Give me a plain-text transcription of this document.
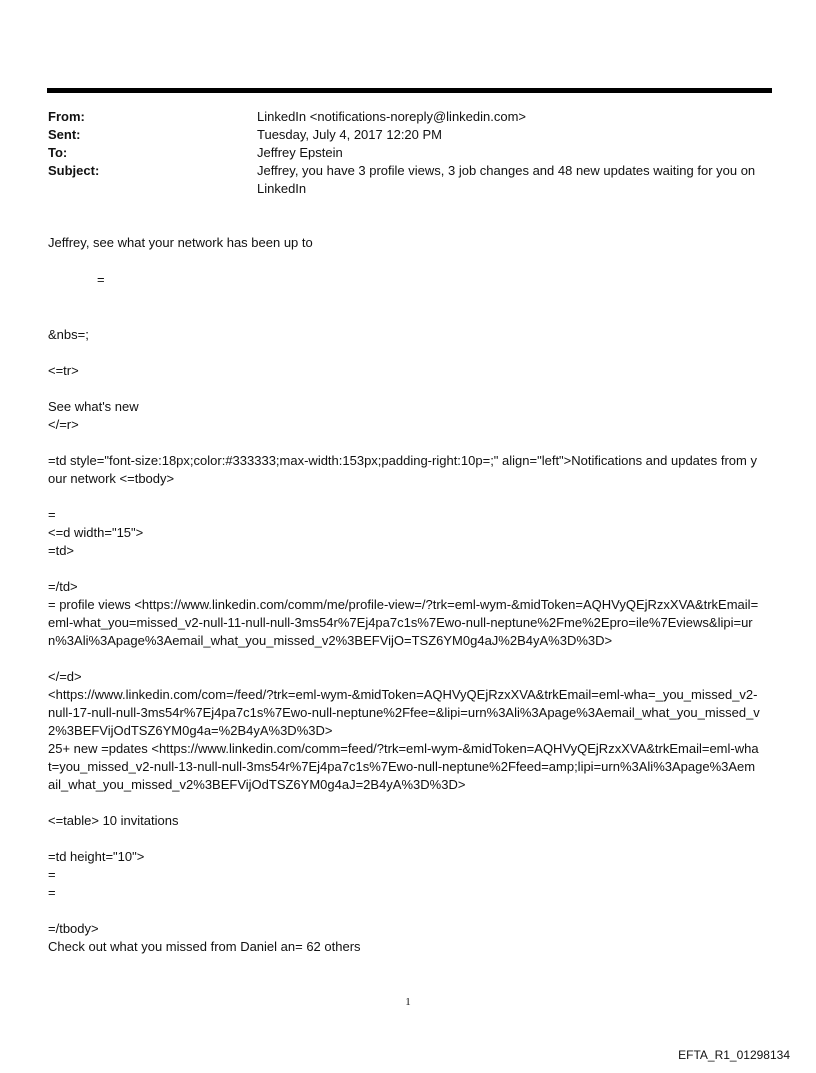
From:	LinkedIn <notifications-noreply@linkedin.com>
Sent:	Tuesday, July 4, 2017 12:20 PM
To:	Jeffrey Epstein
Subject:	Jeffrey, you have 3 profile views, 3 job changes and 48 new updates waiting for you on LinkedIn

Jeffrey, see what your network has been up to

=

&nbs=;

<=tr>

See what's new

</=r>

=td style="font-size:18px;color:#333333;max-width:153px;padding-right:10p=;" align="left">Notifications and updates from your network <=tbody>

=

<=d width="15">

=td>

=/td>

= profile views <https://www.linkedin.com/comm/me/profile-view=/?trk=eml-wym-&midToken=AQHVyQEjRzxXVA&trkEmail=eml-what_you=missed_v2-null-11-null-null-3ms54r%7Ej4pa7c1s%7Ewo-null-neptune%2Fme%2Epro=ile%7Eviews&lipi=urn%3Ali%3Apage%3Aemail_what_you_missed_v2%3BEFVijO=TSZ6YM0g4aJ%2B4yA%3D%3D>

</=d>

<https://www.linkedin.com/com=/feed/?trk=eml-wym-&midToken=AQHVyQEjRzxXVA&trkEmail=eml-wha=_you_missed_v2-null-17-null-null-3ms54r%7Ej4pa7c1s%7Ewo-null-neptune%2Ffee=&lipi=urn%3Ali%3Apage%3Aemail_what_you_missed_v2%3BEFVijOdTSZ6YM0g4a=%2B4yA%3D%3D>

25+ new =pdates <https://www.linkedin.com/comm=feed/?trk=eml-wym-&midToken=AQHVyQEjRzxXVA&trkEmail=eml-what=you_missed_v2-null-13-null-null-3ms54r%7Ej4pa7c1s%7Ewo-null-neptune%2Ffeed=amp;lipi=urn%3Ali%3Apage%3Aemail_what_you_missed_v2%3BEFVijOdTSZ6YM0g4aJ=2B4yA%3D%3D>

<=table> 10 invitations

=td height="10">

=

=

=/tbody>

Check out what you missed from Daniel an= 62 others

1
EFTA_R1_01298134
